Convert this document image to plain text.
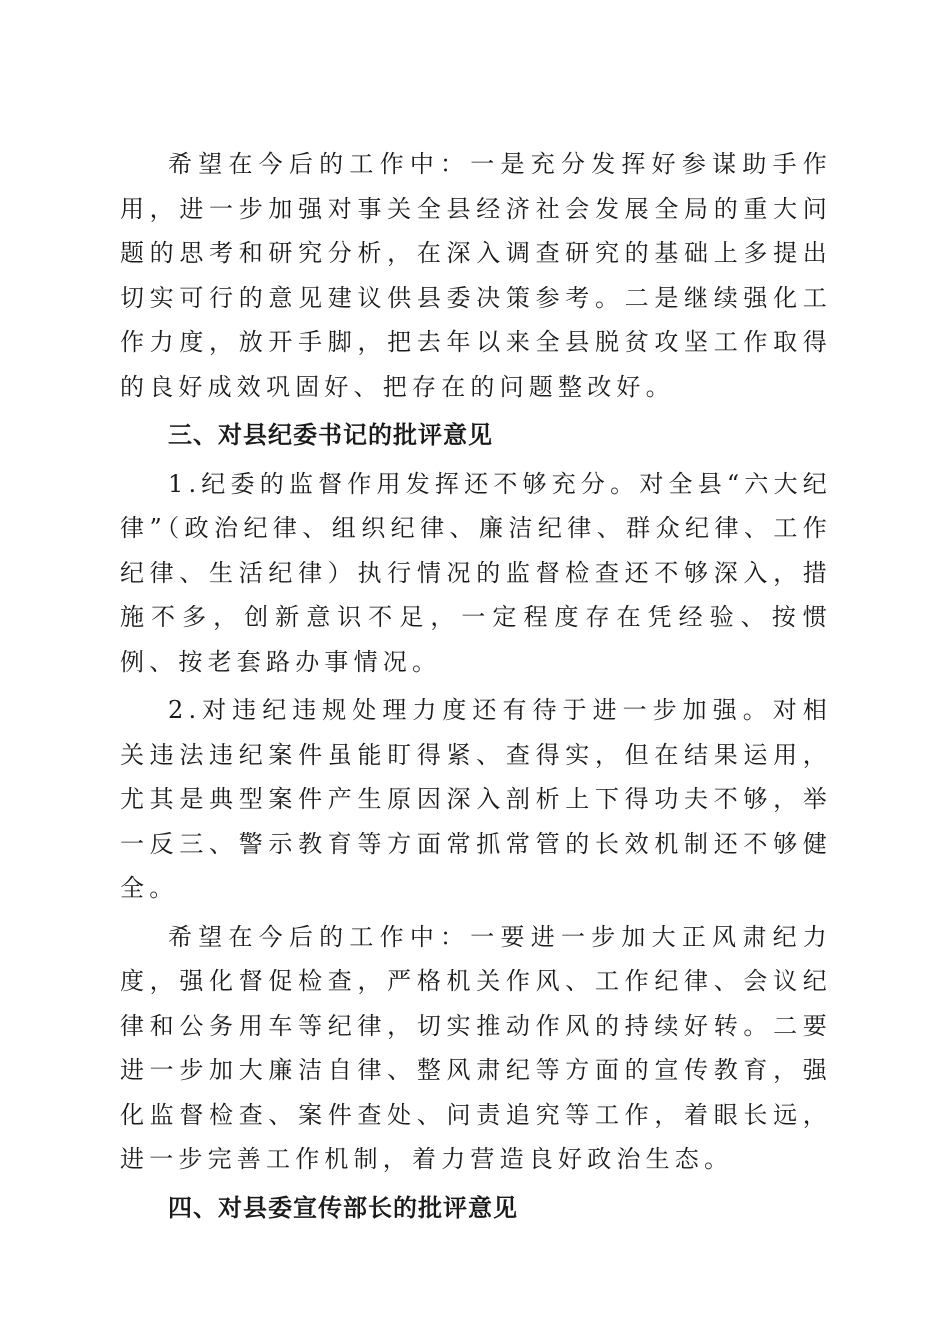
希望在今后的工作中：一是充分发挥好参谋助手作用，进一步加强对事关全县经济社会发展全局的重大问题的思考和研究分析，在深入调查研究的基础上多提出切实可行的意见建议供县委决策参考。二是继续强化工作力度，放开手脚，把去年以来全县脱贫攻坚工作取得的良好成效巩固好、把存在的问题整改好。

三、对县纪委书记的批评意见

1.纪委的监督作用发挥还不够充分。对全县“六大纪律”（政治纪律、组织纪律、廉洁纪律、群众纪律、工作纪律、生活纪律）执行情况的监督检查还不够深入，措施不多，创新意识不足，一定程度存在凭经验、按惯例、按老套路办事情况。

2.对违纪违规处理力度还有待于进一步加强。对相关违法违纪案件虽能盯得紧、查得实，但在结果运用，尤其是典型案件产生原因深入剖析上下得功夫不够，举一反三、警示教育等方面常抓常管的长效机制还不够健全。

希望在今后的工作中：一要进一步加大正风肃纪力度，强化督促检查，严格机关作风、工作纪律、会议纪律和公务用车等纪律，切实推动作风的持续好转。二要进一步加大廉洁自律、整风肃纪等方面的宣传教育，强化监督检查、案件查处、问责追究等工作，着眼长远，进一步完善工作机制，着力营造良好政治生态。

四、对县委宣传部长的批评意见
